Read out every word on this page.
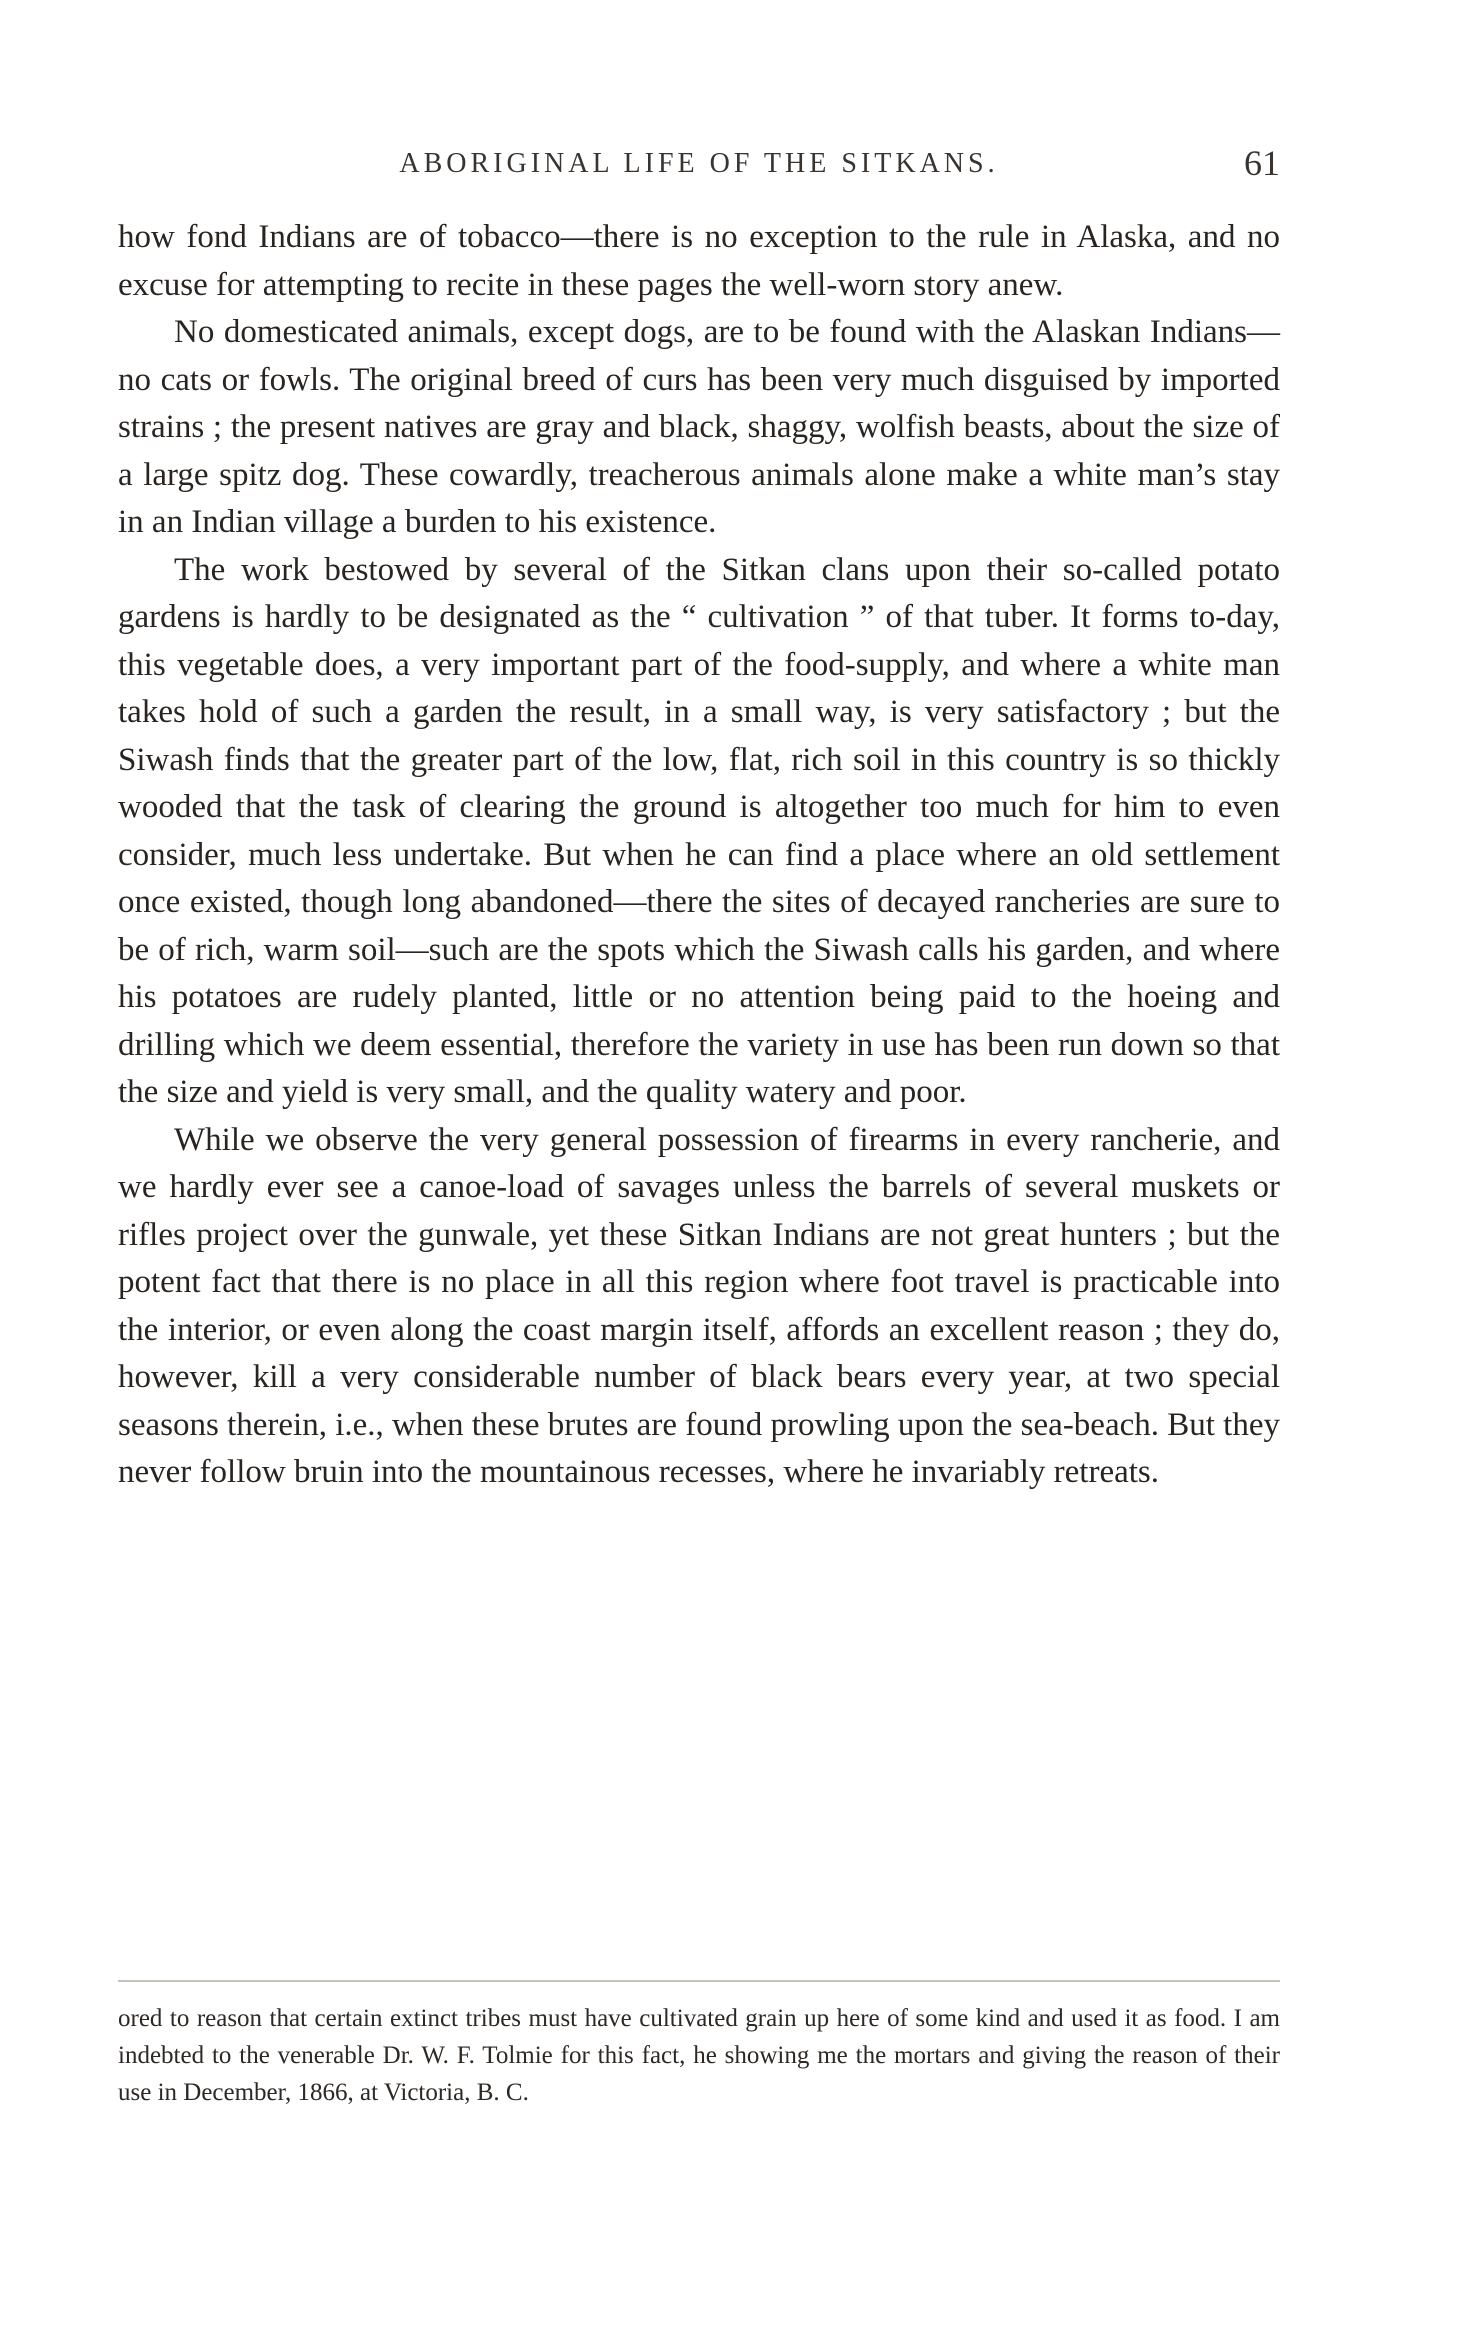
ABORIGINAL LIFE OF THE SITKANS.	61

how fond Indians are of tobacco—there is no exception to the rule in Alaska, and no excuse for attempting to recite in these pages the well-worn story anew.

No domesticated animals, except dogs, are to be found with the Alaskan Indians—no cats or fowls. The original breed of curs has been very much disguised by imported strains ; the present natives are gray and black, shaggy, wolfish beasts, about the size of a large spitz dog. These cowardly, treacherous animals alone make a white man’s stay in an Indian village a burden to his existence.

The work bestowed by several of the Sitkan clans upon their so-called potato gardens is hardly to be designated as the “ cultivation ” of that tuber. It forms to-day, this vegetable does, a very important part of the food-supply, and where a white man takes hold of such a garden the result, in a small way, is very satisfactory ; but the Siwash finds that the greater part of the low, flat, rich soil in this country is so thickly wooded that the task of clearing the ground is altogether too much for him to even consider, much less undertake. But when he can find a place where an old settlement once existed, though long abandoned—there the sites of decayed rancheries are sure to be of rich, warm soil—such are the spots which the Siwash calls his garden, and where his potatoes are rudely planted, little or no attention being paid to the hoeing and drilling which we deem essential, therefore the variety in use has been run down so that the size and yield is very small, and the quality watery and poor.

While we observe the very general possession of firearms in every rancherie, and we hardly ever see a canoe-load of savages unless the barrels of several muskets or rifles project over the gunwale, yet these Sitkan Indians are not great hunters ; but the potent fact that there is no place in all this region where foot travel is practicable into the interior, or even along the coast margin itself, affords an excellent reason ; they do, however, kill a very considerable number of black bears every year, at two special seasons therein, i.e., when these brutes are found prowling upon the sea-beach. But they never follow bruin into the mountainous recesses, where he invariably retreats.

ored to reason that certain extinct tribes must have cultivated grain up here of some kind and used it as food. I am indebted to the venerable Dr. W. F. Tolmie for this fact, he showing me the mortars and giving the reason of their use in December, 1866, at Victoria, B. C.
